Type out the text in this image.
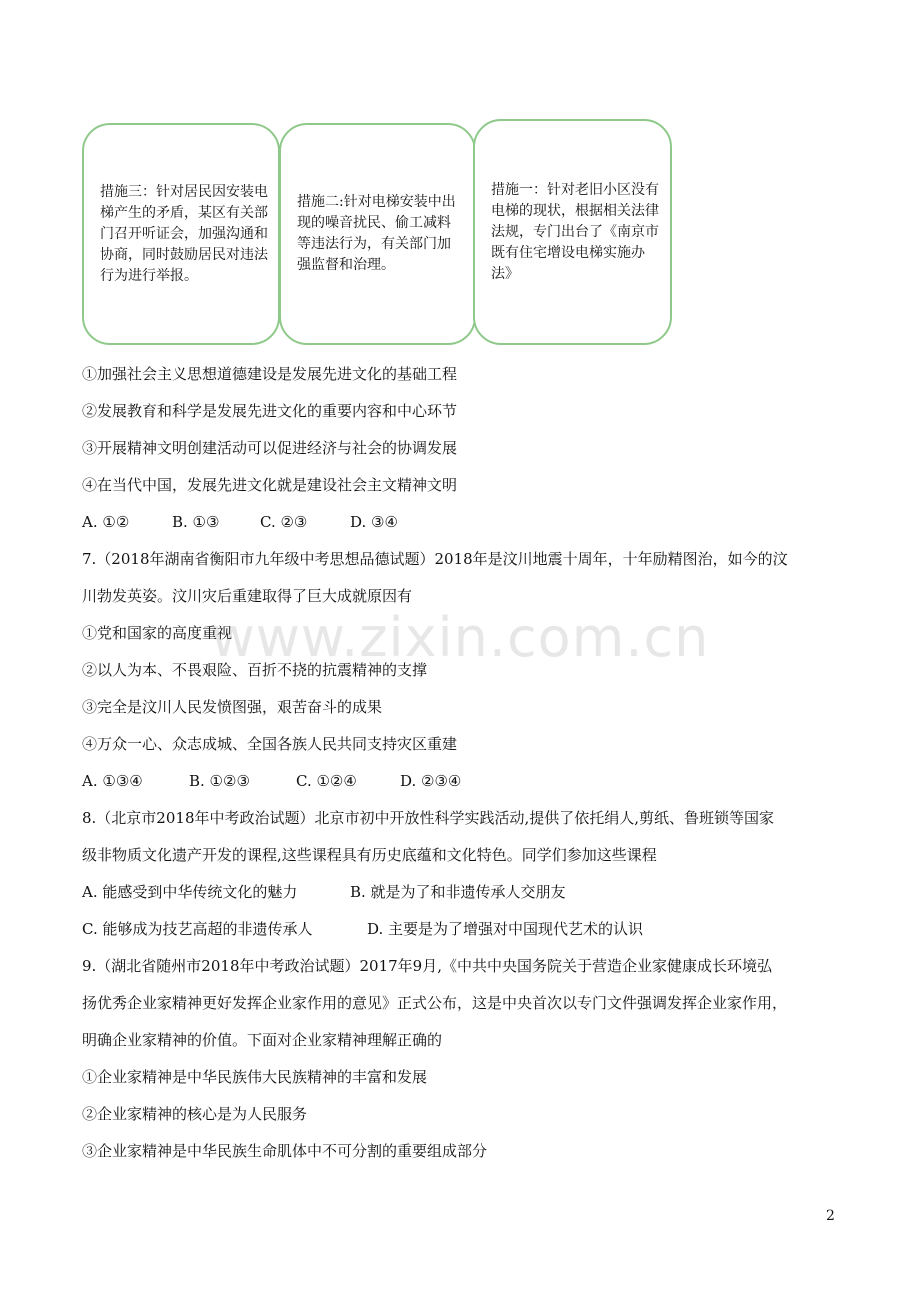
措施三：针对居民因安装电梯产生的矛盾，某区有关部门召开听证会，加强沟通和协商，同时鼓励居民对违法行为进行举报。
措施二:针对电梯安装中出现的噪音扰民、偷工减料等违法行为，有关部门加强监督和治理。
措施一：针对老旧小区没有电梯的现状，根据相关法律法规，专门出台了《南京市既有住宅增设电梯实施办法》
①加强社会主义思想道德建设是发展先进文化的基础工程
②发展教育和科学是发展先进文化的重要内容和中心环节
③开展精神文明创建活动可以促进经济与社会的协调发展
④在当代中国，发展先进文化就是建设社会主文精神文明
A. ①②	B. ①③	C. ②③	D. ③④
7.（2018年湖南省衡阳市九年级中考思想品德试题）2018年是汶川地震十周年，十年励精图治，如今的汶
川勃发英姿。汶川灾后重建取得了巨大成就原因有
①党和国家的高度重视
②以人为本、不畏艰险、百折不挠的抗震精神的支撑
③完全是汶川人民发愤图强，艰苦奋斗的成果
④万众一心、众志成城、全国各族人民共同支持灾区重建
A. ①③④	B. ①②③	C. ①②④	D. ②③④
8.（北京市2018年中考政治试题）北京市初中开放性科学实践活动,提供了依托绢人,剪纸、鲁班锁等国家
级非物质文化遗产开发的课程,这些课程具有历史底蕴和文化特色。同学们参加这些课程
A. 能感受到中华传统文化的魅力	B. 就是为了和非遗传承人交朋友
C. 能够成为技艺高超的非遗传承人	D. 主要是为了增强对中国现代艺术的认识
9.（湖北省随州市2018年中考政治试题）2017年9月,《中共中央国务院关于营造企业家健康成长环境弘
扬优秀企业家精神更好发挥企业家作用的意见》正式公布，这是中央首次以专门文件强调发挥企业家作用，
明确企业家精神的价值。下面对企业家精神理解正确的
①企业家精神是中华民族伟大民族精神的丰富和发展
②企业家精神的核心是为人民服务
③企业家精神是中华民族生命肌体中不可分割的重要组成部分
www.zixin.com.cn
2
